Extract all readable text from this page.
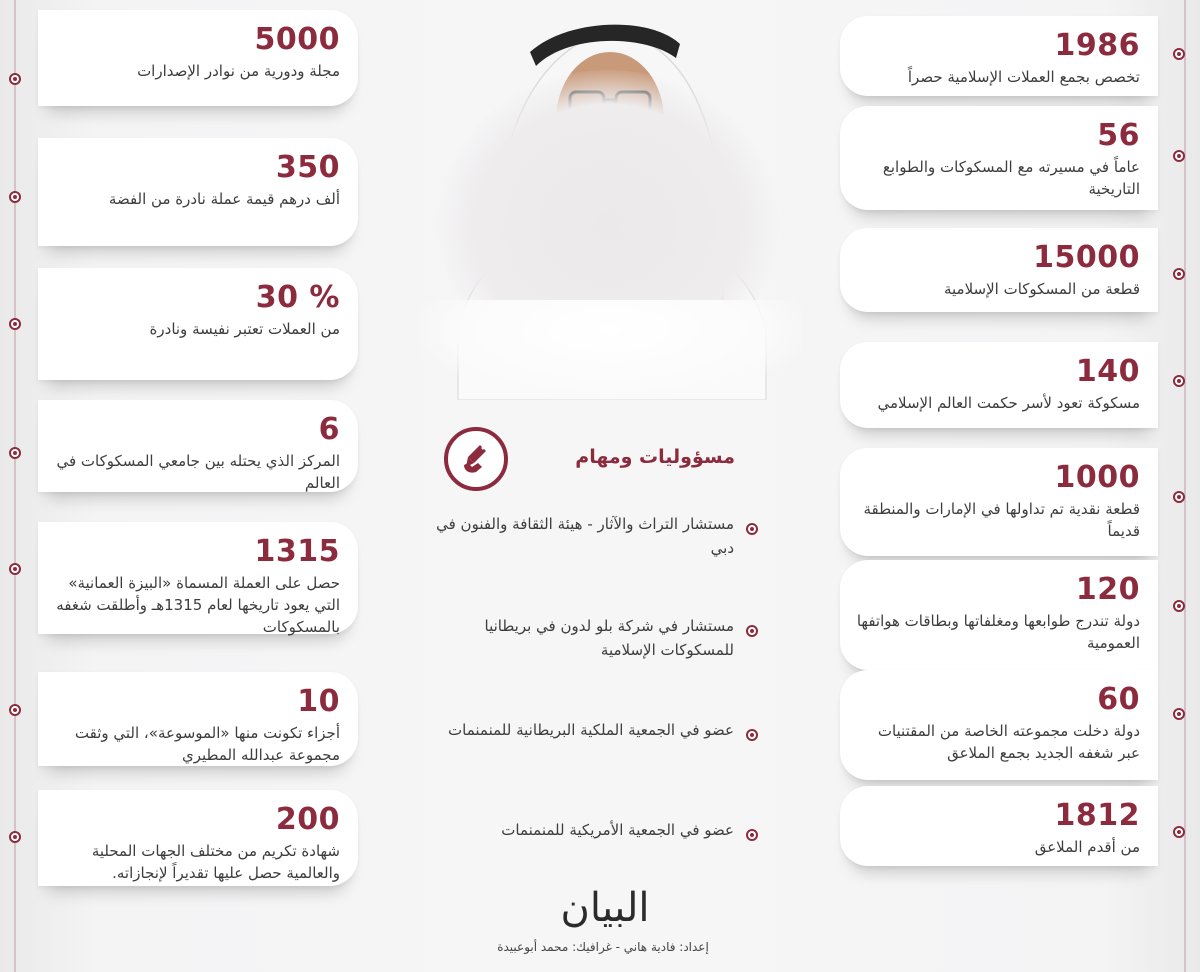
5000
مجلة ودورية من نوادر الإصدارات
350
ألف درهم قيمة عملة نادرة من الفضة
30 %
من العملات تعتبر نفيسة ونادرة
6
المركز الذي يحتله بين جامعي المسكوكات في العالم
1315
حصل على العملة المسماة «البيزة العمانية» التي يعود تاريخها لعام 1315هـ وأطلقت شغفه بالمسكوكات
10
أجزاء تكونت منها «الموسوعة»، التي وثقت مجموعة عبدالله المطيري
200
شهادة تكريم من مختلف الجهات المحلية والعالمية حصل عليها تقديراً لإنجازاته.
1986
تخصص بجمع العملات الإسلامية حصراً
56
عاماً في مسيرته مع المسكوكات والطوابع التاريخية
15000
قطعة من المسكوكات الإسلامية
140
مسكوكة تعود لأسر حكمت العالم الإسلامي
1000
قطعة نقدية تم تداولها في الإمارات والمنطقة قديماً
120
دولة تندرج طوابعها ومغلفاتها وبطاقات هواتفها العمومية
60
دولة دخلت مجموعته الخاصة من المقتنيات عبر شغفه الجديد بجمع الملاعق
1812
من أقدم الملاعق
مسؤوليات ومهام
مستشار التراث والآثار - هيئة الثقافة والفنون في دبي
مستشار في شركة بلو لدون في بريطانيا للمسكوكات الإسلامية
عضو في الجمعية الملكية البريطانية للمنمنمات
عضو في الجمعية الأمريكية للمنمنمات
البيان
إعداد: فادية هاني - غرافيك: محمد أبوعبيدة
